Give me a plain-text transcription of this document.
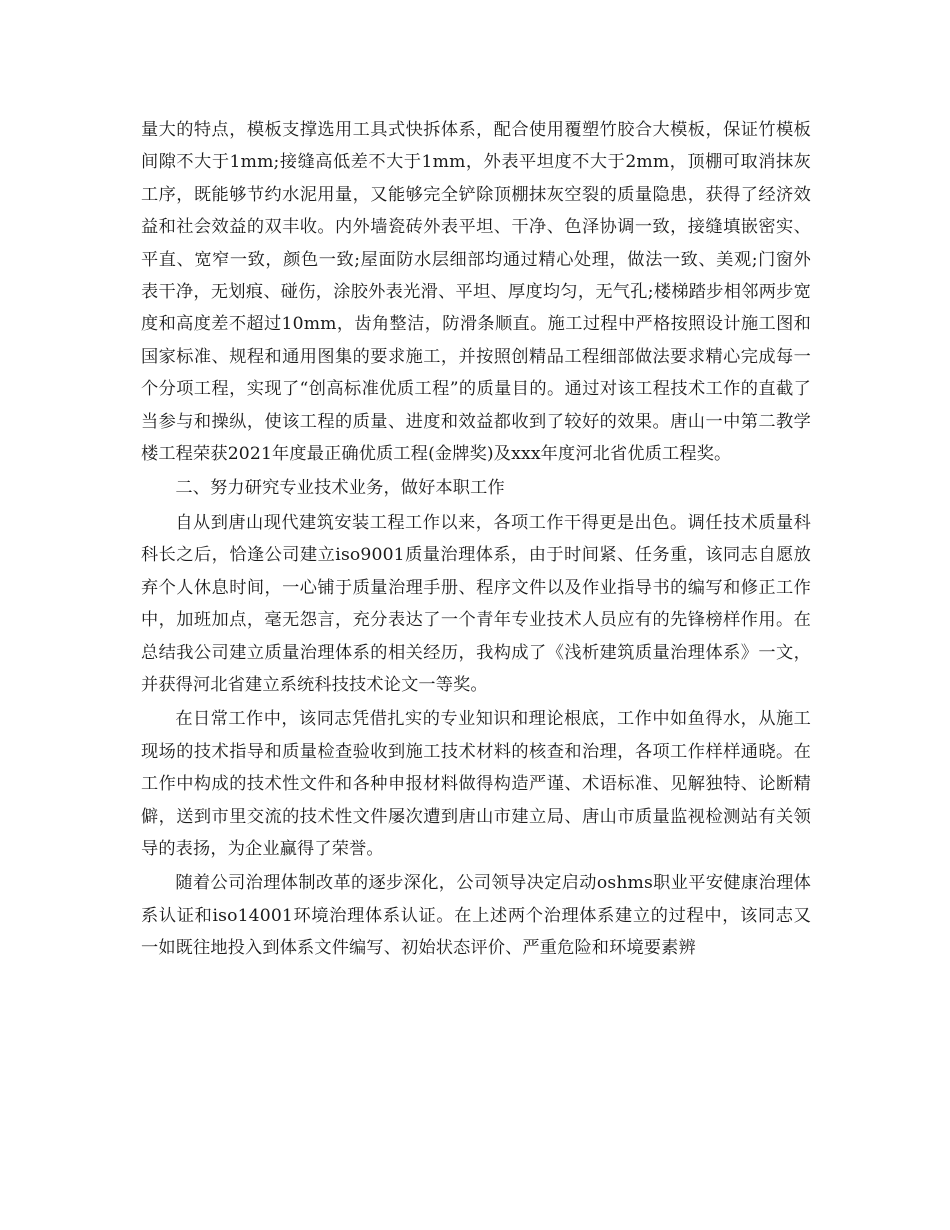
量大的特点，模板支撑选用工具式快拆体系，配合使用覆塑竹胶合大模板，保证竹模板间隙不大于1mm;接缝高低差不大于1mm，外表平坦度不大于2mm，顶棚可取消抹灰工序，既能够节约水泥用量，又能够完全铲除顶棚抹灰空裂的质量隐患，获得了经济效益和社会效益的双丰收。内外墙瓷砖外表平坦、干净、色泽协调一致，接缝填嵌密实、平直、宽窄一致，颜色一致;屋面防水层细部均通过精心处理，做法一致、美观;门窗外表干净，无划痕、碰伤，涂胶外表光滑、平坦、厚度均匀，无气孔;楼梯踏步相邻两步宽度和高度差不超过10mm，齿角整洁，防滑条顺直。施工过程中严格按照设计施工图和国家标准、规程和通用图集的要求施工，并按照创精品工程细部做法要求精心完成每一个分项工程，实现了“创高标准优质工程”的质量目的。通过对该工程技术工作的直截了当参与和操纵，使该工程的质量、进度和效益都收到了较好的效果。唐山一中第二教学楼工程荣获2021年度最正确优质工程(金牌奖)及xxx年度河北省优质工程奖。

二、努力研究专业技术业务，做好本职工作

自从到唐山现代建筑安装工程工作以来，各项工作干得更是出色。调任技术质量科科长之后，恰逢公司建立iso9001质量治理体系，由于时间紧、任务重，该同志自愿放弃个人休息时间，一心铺于质量治理手册、程序文件以及作业指导书的编写和修正工作中，加班加点，毫无怨言，充分表达了一个青年专业技术人员应有的先锋榜样作用。在总结我公司建立质量治理体系的相关经历，我构成了《浅析建筑质量治理体系》一文，并获得河北省建立系统科技技术论文一等奖。

在日常工作中，该同志凭借扎实的专业知识和理论根底，工作中如鱼得水，从施工现场的技术指导和质量检查验收到施工技术材料的核查和治理，各项工作样样通晓。在工作中构成的技术性文件和各种申报材料做得构造严谨、术语标准、见解独特、论断精僻，送到市里交流的技术性文件屡次遭到唐山市建立局、唐山市质量监视检测站有关领导的表扬，为企业赢得了荣誉。

随着公司治理体制改革的逐步深化，公司领导决定启动oshms职业平安健康治理体系认证和iso14001环境治理体系认证。在上述两个治理体系建立的过程中，该同志又一如既往地投入到体系文件编写、初始状态评价、严重危险和环境要素辨
